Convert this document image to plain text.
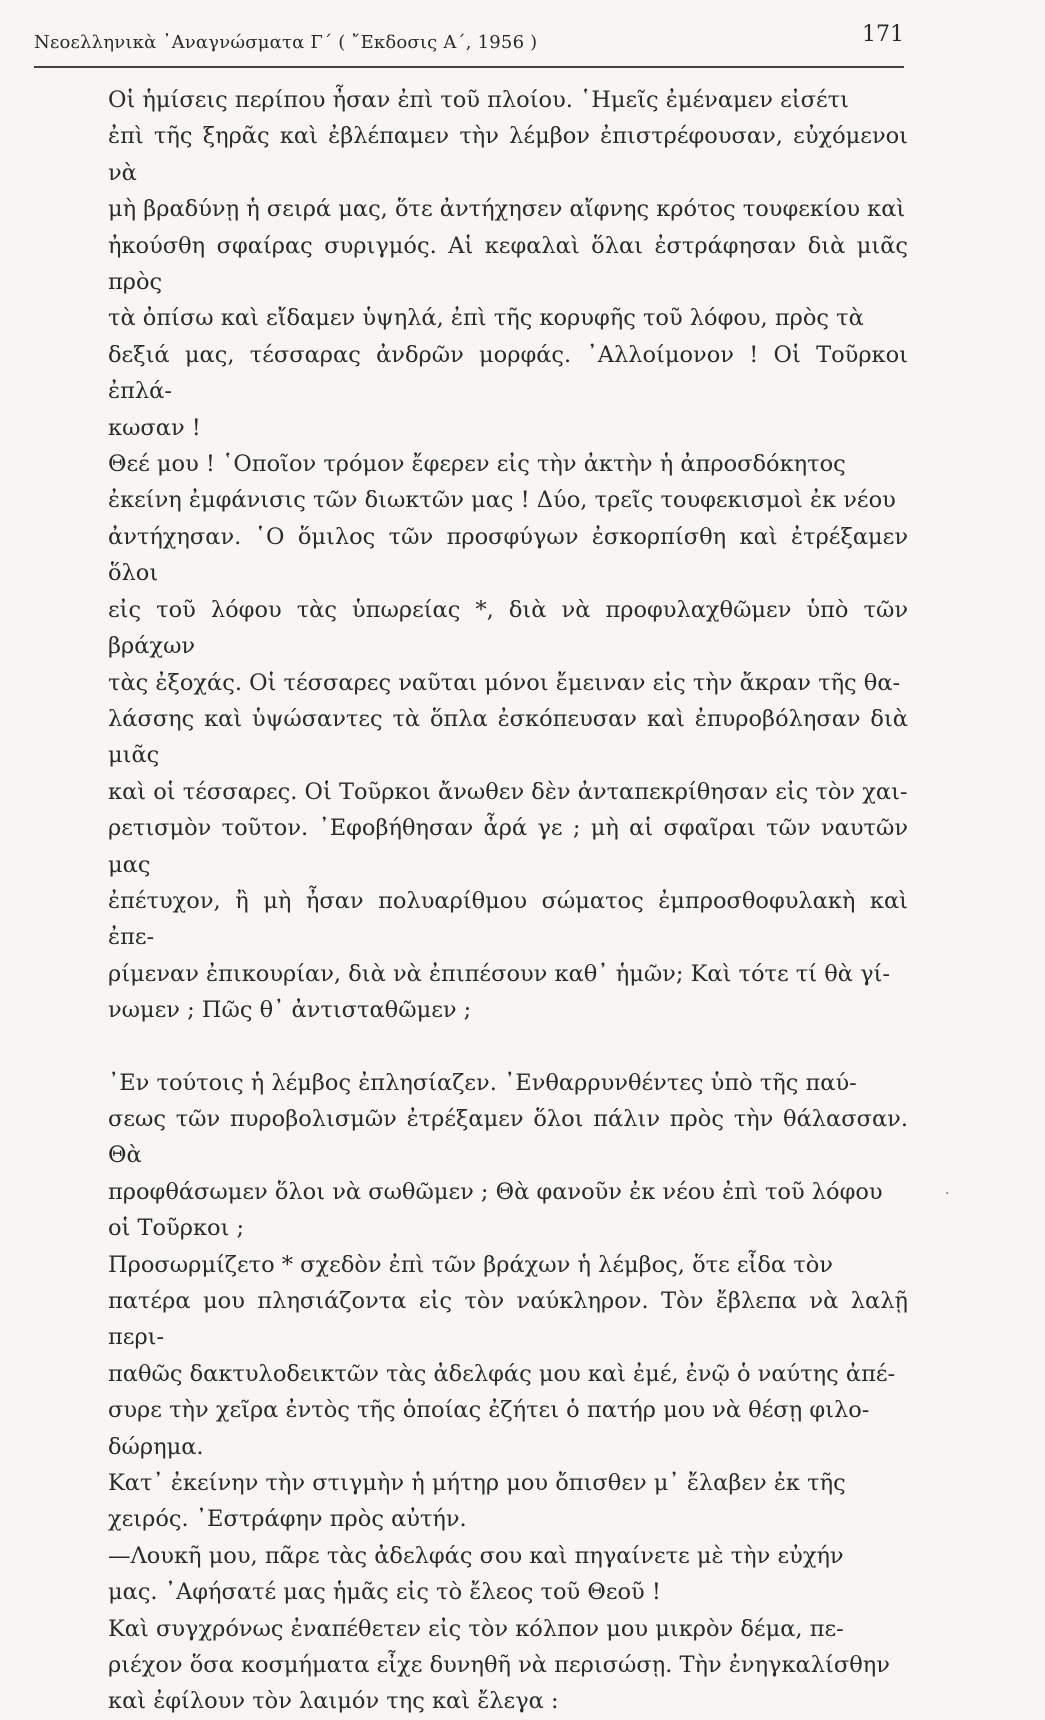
Νεοελληνικὰ ᾿Αναγνώσματα Γ΄ ( ῎Εκδοσις Α΄, 1956 )	171

Οἱ ἡμίσεις περίπου ἦσαν ἐπὶ τοῦ πλοίου. ῾Ημεῖς ἐμέναμεν εἰσέτι

ἐπὶ τῆς ξηρᾶς καὶ ἐβλέπαμεν τὴν λέμβον ἐπιστρέφουσαν, εὐχόμενοι νὰ

μὴ βραδύνῃ ἡ σειρά μας, ὅτε ἀντήχησεν αἴφνης κρότος τουφεκίου καὶ

ἠκούσθη σφαίρας συριγμός. Αἱ κεφαλαὶ ὅλαι ἐστράφησαν διὰ μιᾶς πρὸς

τὰ ὀπίσω καὶ εἴδαμεν ὑψηλά, ἐπὶ τῆς κορυφῆς τοῦ λόφου, πρὸς τὰ

δεξιά μας, τέσσαρας ἀνδρῶν μορφάς. ᾿Αλλοίμονον ! Οἱ Τοῦρκοι ἐπλά-

κωσαν !

Θεέ μου ! ῾Οποῖον τρόμον ἔφερεν εἰς τὴν ἀκτὴν ἡ ἀπροσδόκητος

ἐκείνη ἐμφάνισις τῶν διωκτῶν μας ! Δύο, τρεῖς τουφεκισμοὶ ἐκ νέου

ἀντήχησαν. ῾Ο ὅμιλος τῶν προσφύγων ἐσκορπίσθη καὶ ἐτρέξαμεν ὅλοι

εἰς τοῦ λόφου τὰς ὑπωρείας *, διὰ νὰ προφυλαχθῶμεν ὑπὸ τῶν βράχων

τὰς ἐξοχάς. Οἱ τέσσαρες ναῦται μόνοι ἔμειναν εἰς τὴν ἄκραν τῆς θα-

λάσσης καὶ ὑψώσαντες τὰ ὅπλα ἐσκόπευσαν καὶ ἐπυροβόλησαν διὰ μιᾶς

καὶ οἱ τέσσαρες. Οἱ Τοῦρκοι ἄνωθεν δὲν ἀνταπεκρίθησαν εἰς τὸν χαι-

ρετισμὸν τοῦτον. ᾿Εφοβήθησαν ἆρά γε ; μὴ αἱ σφαῖραι τῶν ναυτῶν μας

ἐπέτυχον, ἢ μὴ ἦσαν πολυαρίθμου σώματος ἐμπροσθοφυλακὴ καὶ ἐπε-

ρίμεναν ἐπικουρίαν, διὰ νὰ ἐπιπέσουν καθ᾿ ἡμῶν; Καὶ τότε τί θὰ γί-

νωμεν ; Πῶς θ᾿ ἀντισταθῶμεν ;

᾿Εν τούτοις ἡ λέμβος ἐπλησίαζεν. ᾿Ενθαρρυνθέντες ὑπὸ τῆς παύ-

σεως τῶν πυροβολισμῶν ἐτρέξαμεν ὅλοι πάλιν πρὸς τὴν θάλασσαν. Θὰ

προφθάσωμεν ὅλοι νὰ σωθῶμεν ; Θὰ φανοῦν ἐκ νέου ἐπὶ τοῦ λόφου

οἱ Τοῦρκοι ;

Προσωρμίζετο * σχεδὸν ἐπὶ τῶν βράχων ἡ λέμβος, ὅτε εἶδα τὸν

πατέρα μου πλησιάζοντα εἰς τὸν ναύκληρον. Τὸν ἔβλεπα νὰ λαλῇ περι-

παθῶς δακτυλοδεικτῶν τὰς ἀδελφάς μου καὶ ἐμέ, ἐνῷ ὁ ναύτης ἀπέ-

συρε τὴν χεῖρα ἐντὸς τῆς ὁποίας ἐζήτει ὁ πατήρ μου νὰ θέσῃ φιλο-

δώρημα.

Κατ᾿ ἐκείνην τὴν στιγμὴν ἡ μήτηρ μου ὄπισθεν μ᾿ ἔλαβεν ἐκ τῆς

χειρός. ᾿Εστράφην πρὸς αὐτήν.

—Λουκῆ μου, πᾶρε τὰς ἀδελφάς σου καὶ πηγαίνετε μὲ τὴν εὐχήν

μας. ᾿Αφήσατέ μας ἡμᾶς εἰς τὸ ἔλεος τοῦ Θεοῦ !

Καὶ συγχρόνως ἐναπέθετεν εἰς τὸν κόλπον μου μικρὸν δέμα, πε-

ριέχον ὅσα κοσμήματα εἶχε δυνηθῆ νὰ περισώσῃ. Τὴν ἐνηγκαλίσθην

καὶ ἐφίλουν τὸν λαιμόν της καὶ ἔλεγα :

·
